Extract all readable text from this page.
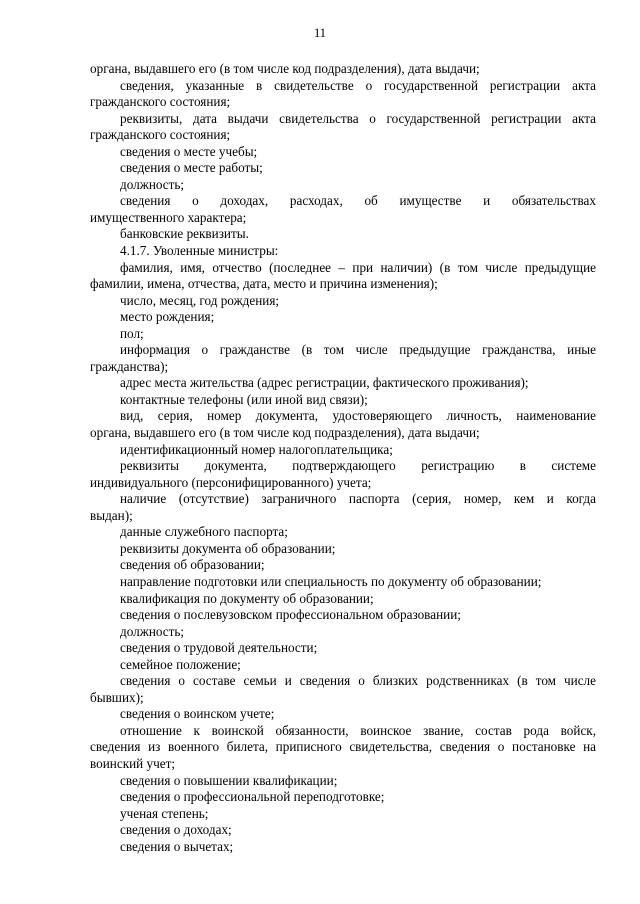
11

органа, выдавшего его (в том числе код подразделения), дата выдачи;

сведения, указанные в свидетельстве о государственной регистрации акта
гражданского состояния;

реквизиты, дата выдачи свидетельства о государственной регистрации акта
гражданского состояния;

сведения о месте учебы;

сведения о месте работы;

должность;

сведения о доходах, расходах, об имуществе и обязательствах
имущественного характера;

банковские реквизиты.

4.1.7. Уволенные министры:

фамилия, имя, отчество (последнее – при наличии) (в том числе предыдущие
фамилии, имена, отчества, дата, место и причина изменения);

число, месяц, год рождения;

место рождения;

пол;

информация о гражданстве (в том числе предыдущие гражданства, иные
гражданства);

адрес места жительства (адрес регистрации, фактического проживания);

контактные телефоны (или иной вид связи);

вид, серия, номер документа, удостоверяющего личность, наименование
органа, выдавшего его (в том числе код подразделения), дата выдачи;

идентификационный номер налогоплательщика;

реквизиты документа, подтверждающего регистрацию в системе
индивидуального (персонифицированного) учета;

наличие (отсутствие) заграничного паспорта (серия, номер, кем и когда
выдан);

данные служебного паспорта;

реквизиты документа об образовании;

сведения об образовании;

направление подготовки или специальность по документу об образовании;

квалификация по документу об образовании;

сведения о послевузовском профессиональном образовании;

должность;

сведения о трудовой деятельности;

семейное положение;

сведения о составе семьи и сведения о близких родственниках (в том числе
бывших);

сведения о воинском учете;

отношение к воинской обязанности, воинское звание, состав рода войск,
сведения из военного билета, приписного свидетельства, сведения о постановке на
воинский учет;

сведения о повышении квалификации;

сведения о профессиональной переподготовке;

ученая степень;

сведения о доходах;

сведения о вычетах;
